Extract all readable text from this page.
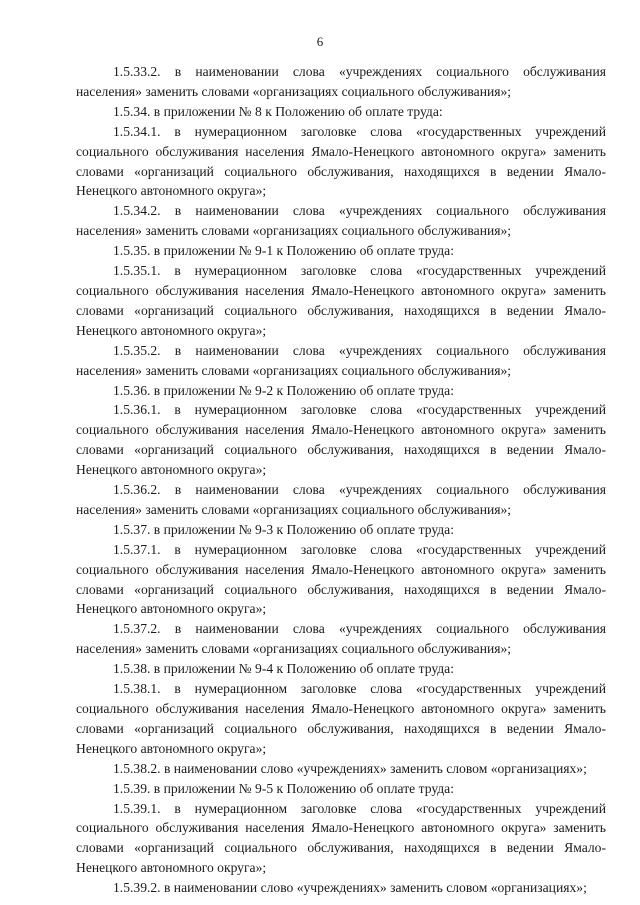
6

1.5.33.2. в наименовании слова «учреждениях социального обслуживания населения» заменить словами «организациях социального обслуживания»;

1.5.34. в приложении № 8 к Положению об оплате труда:

1.5.34.1. в нумерационном заголовке слова «государственных учреждений социального обслуживания населения Ямало-Ненецкого автономного округа» заменить словами «организаций социального обслуживания, находящихся в ведении Ямало-Ненецкого автономного округа»;

1.5.34.2. в наименовании слова «учреждениях социального обслуживания населения» заменить словами «организациях социального обслуживания»;

1.5.35. в приложении № 9-1 к Положению об оплате труда:

1.5.35.1. в нумерационном заголовке слова «государственных учреждений социального обслуживания населения Ямало-Ненецкого автономного округа» заменить словами «организаций социального обслуживания, находящихся в ведении Ямало-Ненецкого автономного округа»;

1.5.35.2. в наименовании слова «учреждениях социального обслуживания населения» заменить словами «организациях социального обслуживания»;

1.5.36. в приложении № 9-2 к Положению об оплате труда:

1.5.36.1. в нумерационном заголовке слова «государственных учреждений социального обслуживания населения Ямало-Ненецкого автономного округа» заменить словами «организаций социального обслуживания, находящихся в ведении Ямало-Ненецкого автономного округа»;

1.5.36.2. в наименовании слова «учреждениях социального обслуживания населения» заменить словами «организациях социального обслуживания»;

1.5.37. в приложении № 9-3 к Положению об оплате труда:

1.5.37.1. в нумерационном заголовке слова «государственных учреждений социального обслуживания населения Ямало-Ненецкого автономного округа» заменить словами «организаций социального обслуживания, находящихся в ведении Ямало-Ненецкого автономного округа»;

1.5.37.2. в наименовании слова «учреждениях социального обслуживания населения» заменить словами «организациях социального обслуживания»;

1.5.38. в приложении № 9-4 к Положению об оплате труда:

1.5.38.1. в нумерационном заголовке слова «государственных учреждений социального обслуживания населения Ямало-Ненецкого автономного округа» заменить словами «организаций социального обслуживания, находящихся в ведении Ямало-Ненецкого автономного округа»;

1.5.38.2. в наименовании слово «учреждениях» заменить словом «организациях»;

1.5.39. в приложении № 9-5 к Положению об оплате труда:

1.5.39.1. в нумерационном заголовке слова «государственных учреждений социального обслуживания населения Ямало-Ненецкого автономного округа» заменить словами «организаций социального обслуживания, находящихся в ведении Ямало-Ненецкого автономного округа»;

1.5.39.2. в наименовании слово «учреждениях» заменить словом «организациях»;
